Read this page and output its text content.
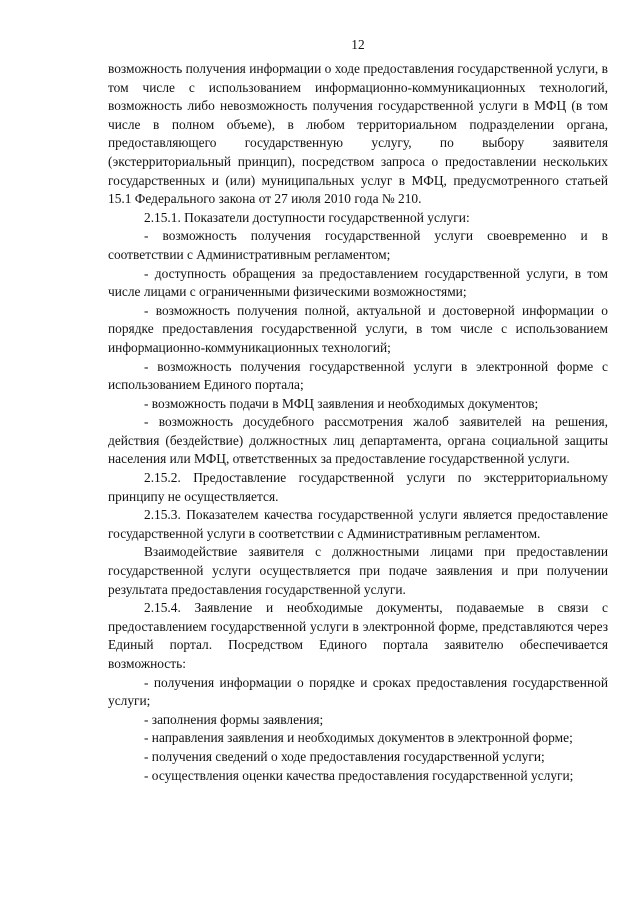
12

возможность получения информации о ходе предоставления государственной услуги, в том числе с использованием информационно-коммуникационных технологий, возможность либо невозможность получения государственной услуги в МФЦ (в том числе в полном объеме), в любом территориальном подразделении органа, предоставляющего государственную услугу, по выбору заявителя (экстерриториальный принцип), посредством запроса о предоставлении нескольких государственных и (или) муниципальных услуг в МФЦ, предусмотренного статьей 15.1 Федерального закона от 27 июля 2010 года № 210.

2.15.1. Показатели доступности государственной услуги:

- возможность получения государственной услуги своевременно и в соответствии с Административным регламентом;

- доступность обращения за предоставлением государственной услуги, в том числе лицами с ограниченными физическими возможностями;

- возможность получения полной, актуальной и достоверной информации о порядке предоставления государственной услуги, в том числе с использованием информационно-коммуникационных технологий;

- возможность получения государственной услуги в электронной форме с использованием Единого портала;

- возможность подачи в МФЦ заявления и необходимых документов;

- возможность досудебного рассмотрения жалоб заявителей на решения, действия (бездействие) должностных лиц департамента, органа социальной защиты населения или МФЦ, ответственных за предоставление государственной услуги.

2.15.2. Предоставление государственной услуги по экстерриториальному принципу не осуществляется.

2.15.3. Показателем качества государственной услуги является предоставление государственной услуги в соответствии с Административным регламентом.

Взаимодействие заявителя с должностными лицами при предоставлении государственной услуги осуществляется при подаче заявления и при получении результата предоставления государственной услуги.

2.15.4. Заявление и необходимые документы, подаваемые в связи с предоставлением государственной услуги в электронной форме, представляются через Единый портал. Посредством Единого портала заявителю обеспечивается возможность:

- получения информации о порядке и сроках предоставления государственной услуги;

- заполнения формы заявления;

- направления заявления и необходимых документов в электронной форме;

- получения сведений о ходе предоставления государственной услуги;

- осуществления оценки качества предоставления государственной услуги;
